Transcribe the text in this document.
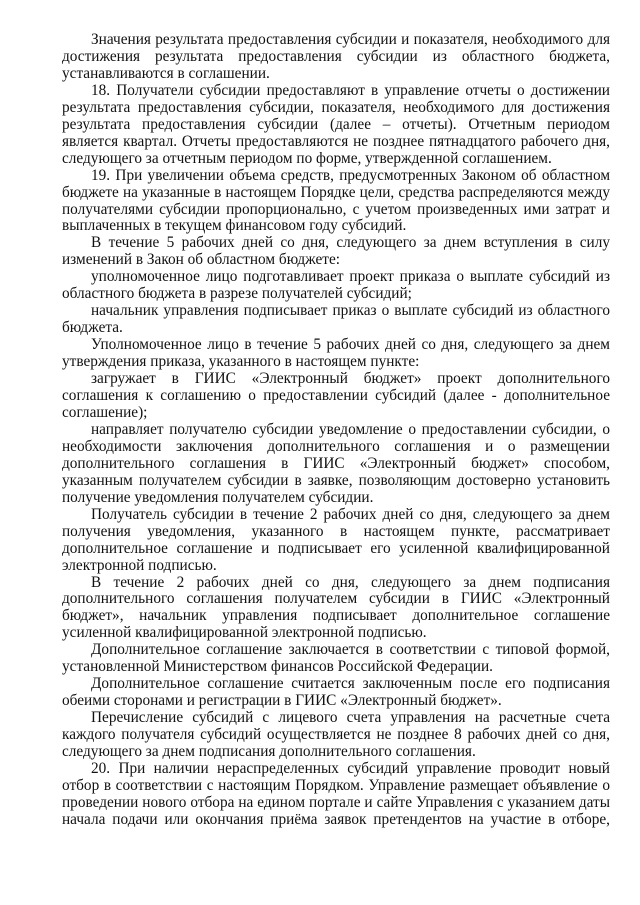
Значения результата предоставления субсидии и показателя, необходимого для достижения результата предоставления субсидии из областного бюджета, устанавливаются в соглашении.

18. Получатели субсидии предоставляют в управление отчеты о достижении результата предоставления субсидии, показателя, необходимого для достижения результата предоставления субсидии (далее – отчеты). Отчетным периодом является квартал. Отчеты предоставляются не позднее пятнадцатого рабочего дня, следующего за отчетным периодом по форме, утвержденной соглашением.

19. При увеличении объема средств, предусмотренных Законом об областном бюджете на указанные в настоящем Порядке цели, средства распределяются между получателями субсидии пропорционально, с учетом произведенных ими затрат и выплаченных в текущем финансовом году субсидий.

В течение 5 рабочих дней со дня, следующего за днем вступления в силу изменений в Закон об областном бюджете:

уполномоченное лицо подготавливает проект приказа о выплате субсидий из областного бюджета в разрезе получателей субсидий;

начальник управления подписывает приказ о выплате субсидий из областного бюджета.

Уполномоченное лицо в течение 5 рабочих дней со дня, следующего за днем утверждения приказа, указанного в настоящем пункте:

загружает в ГИИС «Электронный бюджет» проект дополнительного соглашения к соглашению о предоставлении субсидий (далее - дополнительное соглашение);

направляет получателю субсидии уведомление о предоставлении субсидии, о необходимости заключения дополнительного соглашения и о размещении дополнительного соглашения в ГИИС «Электронный бюджет» способом, указанным получателем субсидии в заявке, позволяющим достоверно установить получение уведомления получателем субсидии.

Получатель субсидии в течение 2 рабочих дней со дня, следующего за днем получения уведомления, указанного в настоящем пункте, рассматривает дополнительное соглашение и подписывает его усиленной квалифицированной электронной подписью.

В течение 2 рабочих дней со дня, следующего за днем подписания дополнительного соглашения получателем субсидии в ГИИС «Электронный бюджет», начальник управления подписывает дополнительное соглашение усиленной квалифицированной электронной подписью.

Дополнительное соглашение заключается в соответствии с типовой формой, установленной Министерством финансов Российской Федерации.

Дополнительное соглашение считается заключенным после его подписания обеими сторонами и регистрации в ГИИС «Электронный бюджет».

Перечисление субсидий с лицевого счета управления на расчетные счета каждого получателя субсидий осуществляется не позднее 8 рабочих дней со дня, следующего за днем подписания дополнительного соглашения.

20. При наличии нераспределенных субсидий управление проводит новый отбор в соответствии с настоящим Порядком. Управление размещает объявление о проведении нового отбора на едином портале и сайте Управления с указанием даты начала подачи или окончания приёма заявок претендентов на участие в отборе,
